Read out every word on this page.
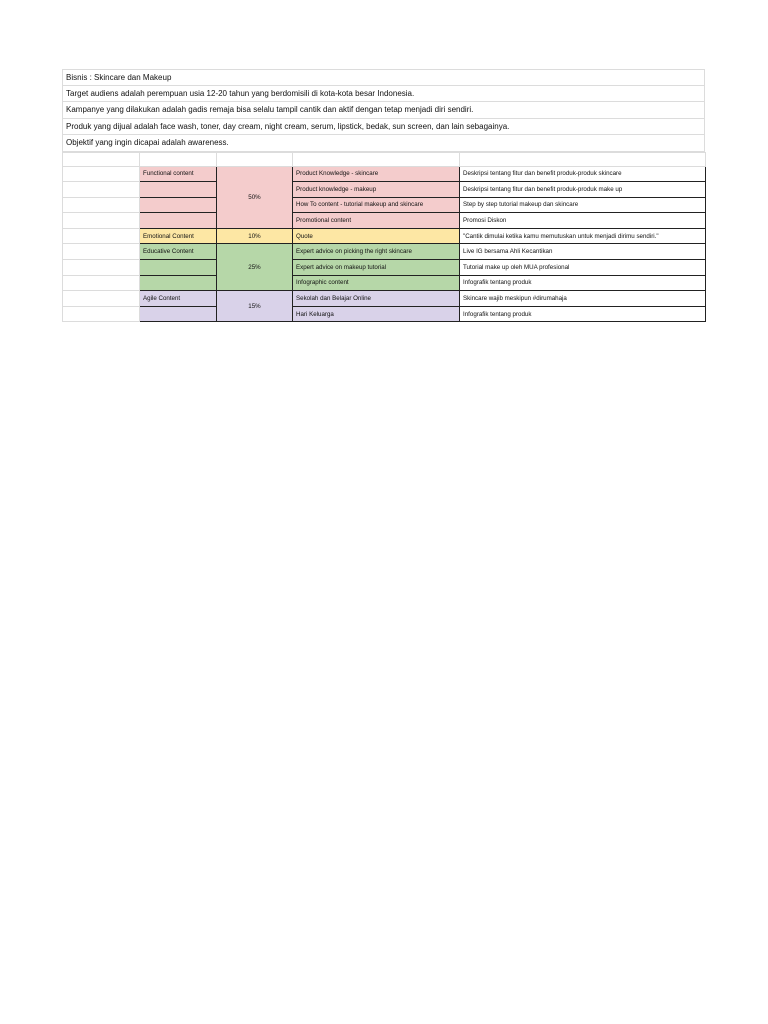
Bisnis : Skincare dan Makeup
Target audiens adalah perempuan usia 12-20 tahun yang berdomisili di kota-kota besar Indonesia.
Kampanye yang dilakukan adalah gadis remaja bisa selalu tampil cantik dan aktif dengan tetap menjadi diri sendiri.
Produk yang dijual adalah face wash, toner, day cream, night cream, serum, lipstick, bedak, sun screen, dan lain sebagainya.
Objektif yang ingin dicapai adalah awareness.

	Functional content	50%	Product Knowledge - skincare	Deskripsi tentang fitur dan benefit produk-produk skincare
			Product knowledge - makeup	Deskripsi tentang fitur dan benefit produk-produk make up
			How To content - tutorial makeup and skincare	Step by step tutorial makeup dan skincare
			Promotional content	Promosi Diskon
	Emotional Content	10%	Quote	"Cantik dimulai ketika kamu memutuskan untuk menjadi dirimu sendiri."
	Educative Content	25%	Expert advice on picking the right skincare	Live IG bersama Ahli Kecantikan
			Expert advice on makeup tutorial	Tutorial make up oleh MUA profesional
			Infographic content	Infografik tentang produk
	Agile Content	15%	Sekolah dan Belajar Online	Skincare wajib meskipun #dirumahaja
			Hari Keluarga	Infografik tentang produk
